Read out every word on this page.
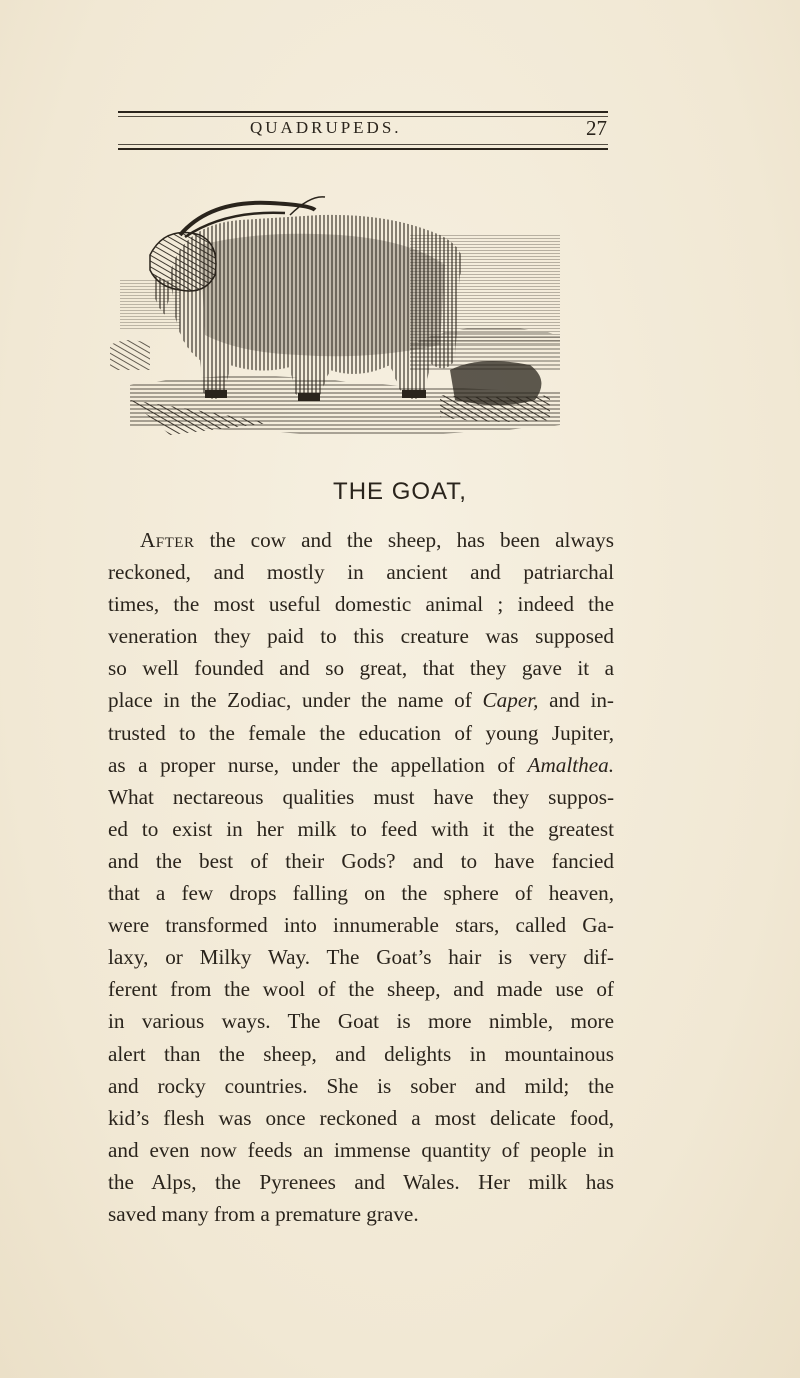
QUADRUPEDS.	27
THE GOAT,
After the cow and the sheep, has been always
reckoned, and mostly in ancient and patriarchal
times, the most useful domestic animal ; indeed the
veneration they paid to this creature was supposed
so well founded and so great, that they gave it a
place in the Zodiac, under the name of Caper, and in-
trusted to the female the education of young Jupiter,
as a proper nurse, under the appellation of Amalthea.
What nectareous qualities must have they suppos-
ed to exist in her milk to feed with it the greatest
and the best of their Gods? and to have fancied
that a few drops falling on the sphere of heaven,
were transformed into innumerable stars, called Ga-
laxy, or Milky Way. The Goat’s hair is very dif-
ferent from the wool of the sheep, and made use of
in various ways. The Goat is more nimble, more
alert than the sheep, and delights in mountainous
and rocky countries. She is sober and mild; the
kid’s flesh was once reckoned a most delicate food,
and even now feeds an immense quantity of people in
the Alps, the Pyrenees and Wales. Her milk has
saved many from a premature grave.
